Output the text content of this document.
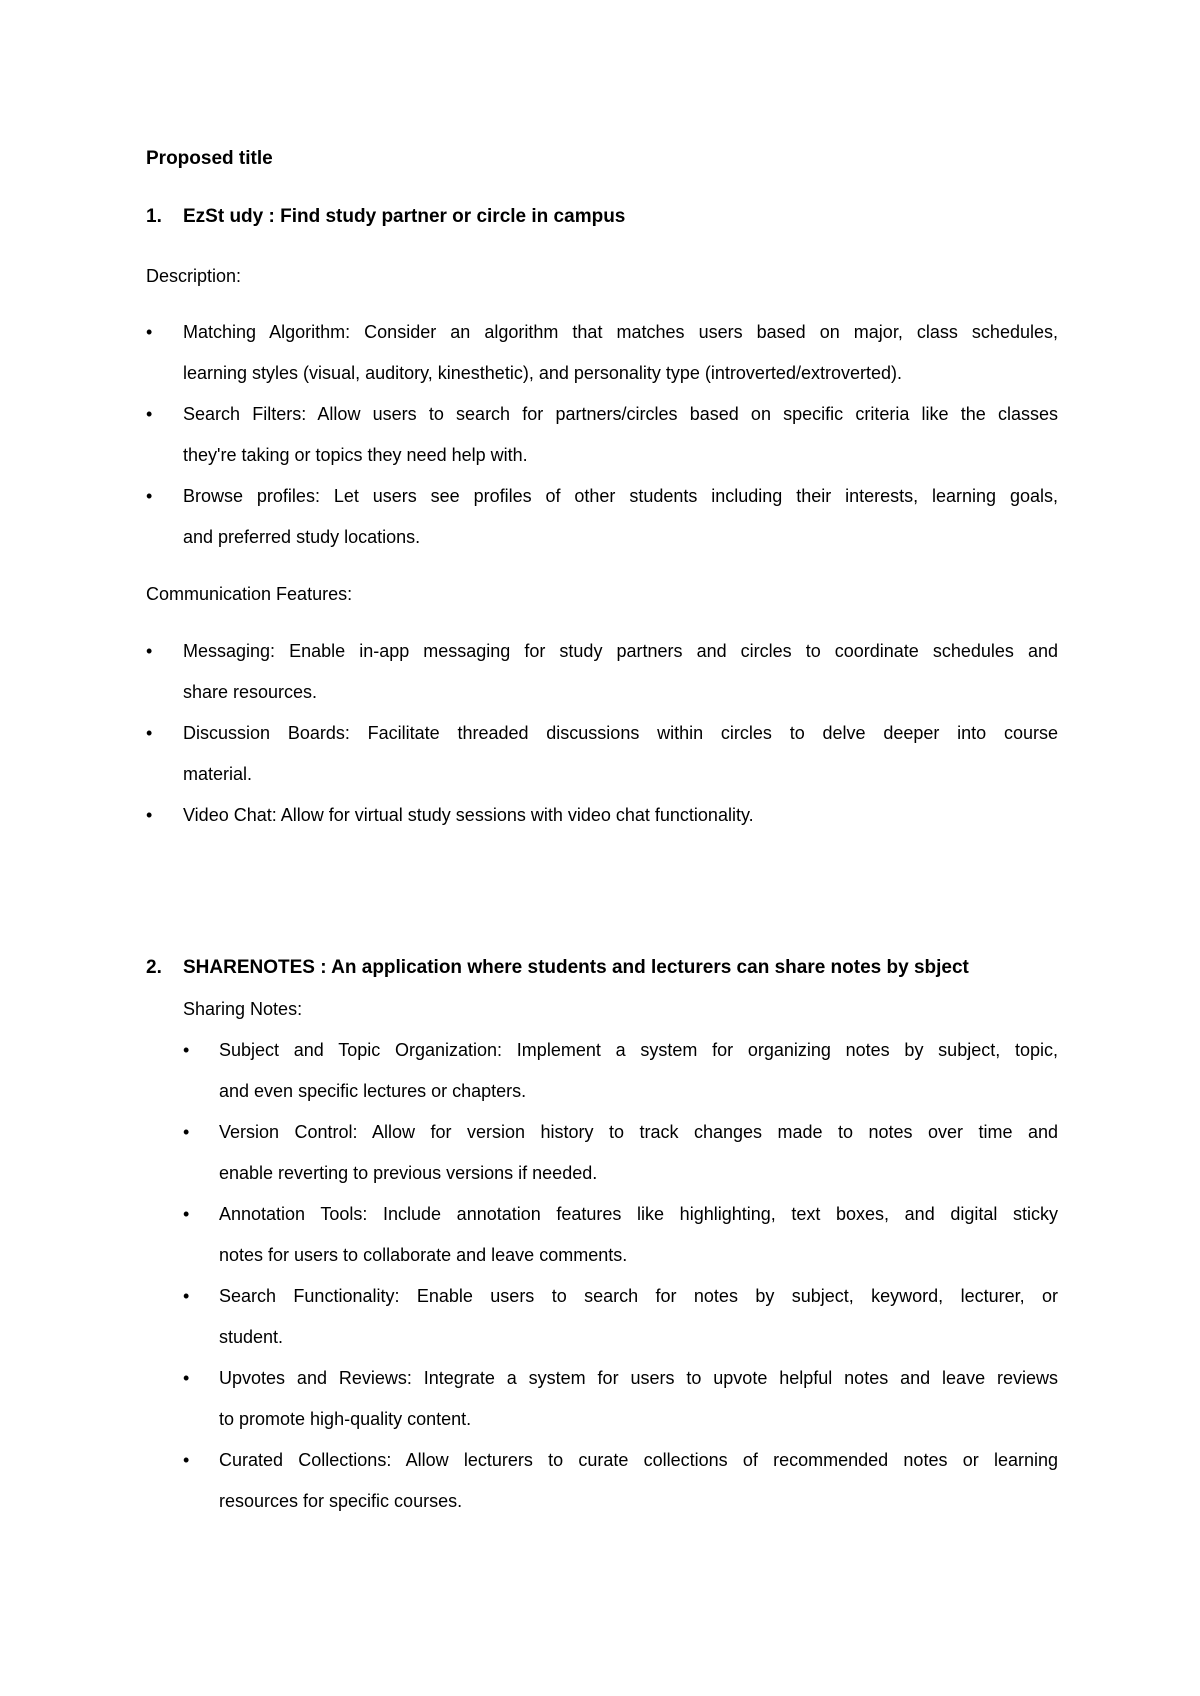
Proposed title
1. EzSt udy : Find study partner or circle in campus
Description:
• Matching Algorithm: Consider an algorithm that matches users based on major, class schedules,
learning styles (visual, auditory, kinesthetic), and personality type (introverted/extroverted).
• Search Filters: Allow users to search for partners/circles based on specific criteria like the classes
they're taking or topics they need help with.
• Browse profiles: Let users see profiles of other students including their interests, learning goals,
and preferred study locations.
Communication Features:
• Messaging: Enable in-app messaging for study partners and circles to coordinate schedules and
share resources.
• Discussion Boards: Facilitate threaded discussions within circles to delve deeper into course
material.
• Video Chat: Allow for virtual study sessions with video chat functionality.
2. SHARENOTES : An application where students and lecturers can share notes by sbject
Sharing Notes:
• Subject and Topic Organization: Implement a system for organizing notes by subject, topic,
and even specific lectures or chapters.
• Version Control: Allow for version history to track changes made to notes over time and
enable reverting to previous versions if needed.
• Annotation Tools: Include annotation features like highlighting, text boxes, and digital sticky
notes for users to collaborate and leave comments.
• Search Functionality: Enable users to search for notes by subject, keyword, lecturer, or
student.
• Upvotes and Reviews: Integrate a system for users to upvote helpful notes and leave reviews
to promote high-quality content.
• Curated Collections: Allow lecturers to curate collections of recommended notes or learning
resources for specific courses.
